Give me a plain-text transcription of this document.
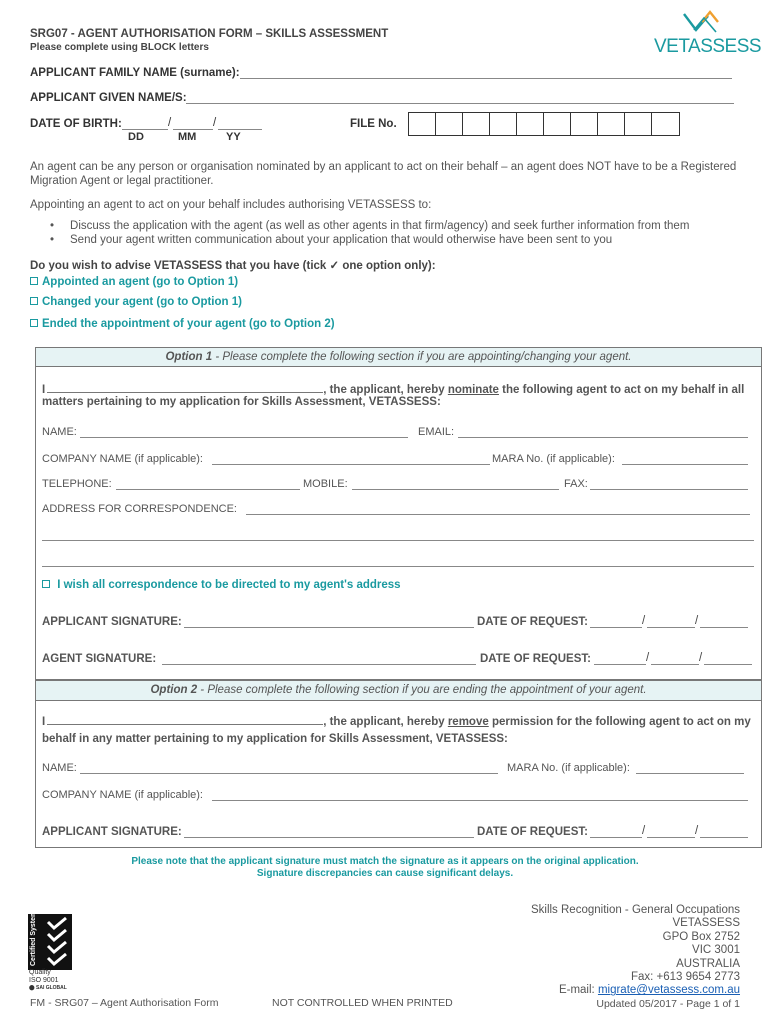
SRG07 - AGENT AUTHORISATION FORM – SKILLS ASSESSMENT
Please complete using BLOCK letters	VETASSESS
APPLICANT FAMILY NAME (surname):
APPLICANT GIVEN NAME/S:
DATE OF BIRTH:	/	/
DD	MM	YY
FILE No.
An agent can be any person or organisation nominated by an applicant to act on their behalf – an agent does NOT have to be a Registered Migration Agent or legal practitioner.
Appointing an agent to act on your behalf includes authorising VETASSESS to:
•     Discuss the application with the agent (as well as other agents in that firm/agency) and seek further information from them
•     Send your agent written communication about your application that would otherwise have been sent to you
Do you wish to advise VETASSESS that you have (tick ✓ one option only):
Appointed an agent (go to Option 1)
Changed your agent (go to Option 1)
Ended the appointment of your agent (go to Option 2)
Option 1 - Please complete the following section if you are appointing/changing your agent.
I	, the applicant, hereby nominate the following agent to act on my behalf in all
matters pertaining to my application for Skills Assessment, VETASSESS:
NAME:	EMAIL:
COMPANY NAME (if applicable):	MARA No. (if applicable):
TELEPHONE:	MOBILE:	FAX:
ADDRESS FOR CORRESPONDENCE:
I wish all correspondence to be directed to my agent's address
APPLICANT SIGNATURE:	DATE OF REQUEST:	/	/
AGENT SIGNATURE:	DATE OF REQUEST:	/	/
Option 2 - Please complete the following section if you are ending the appointment of your agent.
I	, the applicant, hereby remove permission for the following agent to act on my
behalf in any matter pertaining to my application for Skills Assessment, VETASSESS:
NAME:	MARA No. (if applicable):
COMPANY NAME (if applicable):
APPLICANT SIGNATURE:	DATE OF REQUEST:	/	/
Please note that the applicant signature must match the signature as it appears on the original application.
Signature discrepancies can cause significant delays.
Certified System
Quality
ISO 9001
⬤ SAI GLOBAL
Skills Recognition - General Occupations
VETASSESS
GPO Box 2752
VIC 3001
AUSTRALIA
Fax: +613 9654 2773
E-mail: migrate@vetassess.com.au
FM - SRG07 – Agent Authorisation Form	NOT CONTROLLED WHEN PRINTED	Updated 05/2017 - Page 1 of 1
